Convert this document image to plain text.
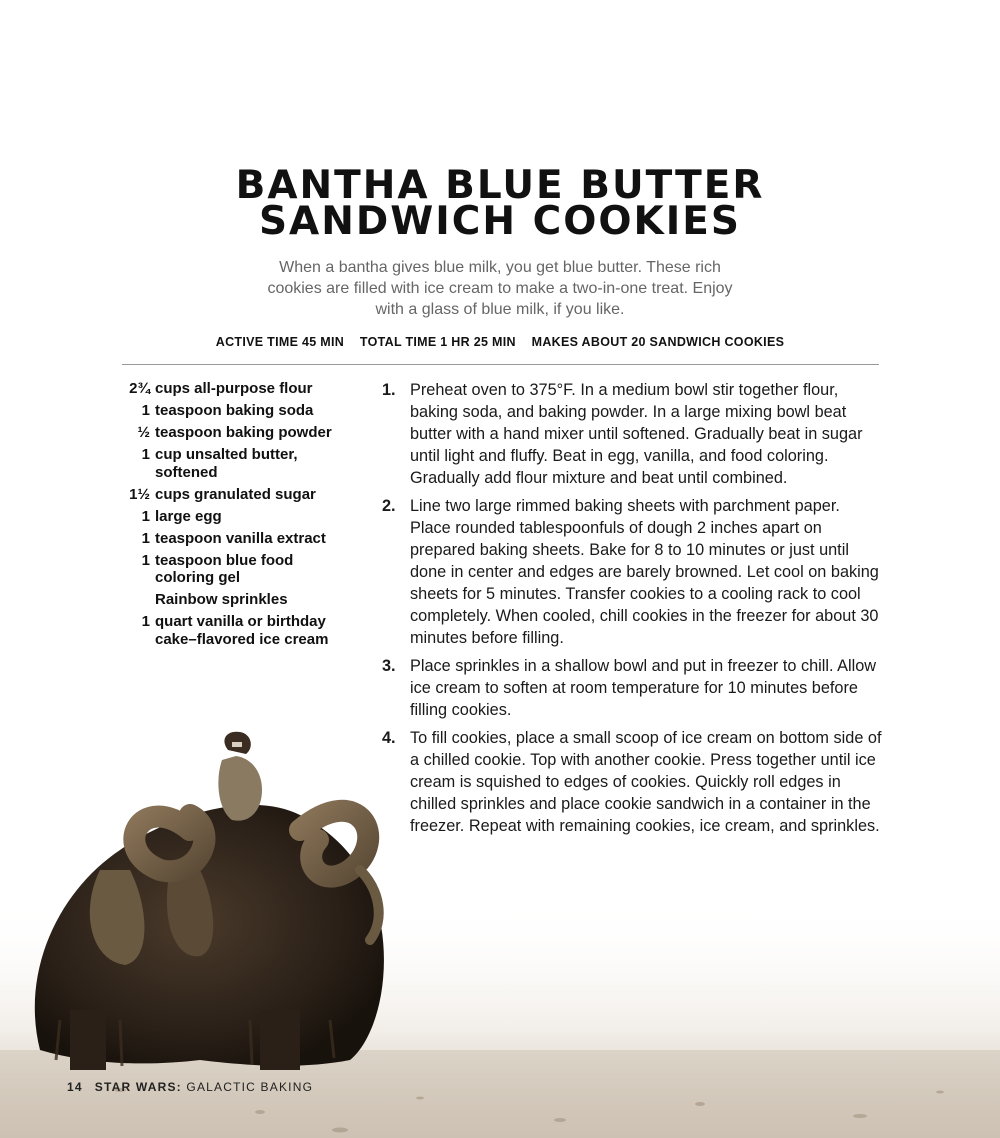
BANTHA BLUE BUTTER
SANDWICH COOKIES

When a bantha gives blue milk, you get blue butter. These rich cookies are filled with ice cream to make a two-in-one treat. Enjoy with a glass of blue milk, if you like.

ACTIVE TIME 45 MIN TOTAL TIME 1 HR 25 MIN MAKES ABOUT 20 SANDWICH COOKIES
2¾ cups all-purpose flour
1 teaspoon baking soda
½ teaspoon baking powder
1 cup unsalted butter, softened
1½ cups granulated sugar
1 large egg
1 teaspoon vanilla extract
1 teaspoon blue food coloring gel
Rainbow sprinkles
1 quart vanilla or birthday cake–flavored ice cream
1. Preheat oven to 375°F. In a medium bowl stir together flour, baking soda, and baking powder. In a large mixing bowl beat butter with a hand mixer until softened. Gradually beat in sugar until light and fluffy. Beat in egg, vanilla, and food coloring. Gradually add flour mixture and beat until combined.
2. Line two large rimmed baking sheets with parchment paper. Place rounded tablespoonfuls of dough 2 inches apart on prepared baking sheets. Bake for 8 to 10 minutes or just until done in center and edges are barely browned. Let cool on baking sheets for 5 minutes. Transfer cookies to a cooling rack to cool completely. When cooled, chill cookies in the freezer for about 30 minutes before filling.
3. Place sprinkles in a shallow bowl and put in freezer to chill. Allow ice cream to soften at room temperature for 10 minutes before filling cookies.
4. To fill cookies, place a small scoop of ice cream on bottom side of a chilled cookie. Top with another cookie. Press together until ice cream is squished to edges of cookies. Quickly roll edges in chilled sprinkles and place cookie sandwich in a container in the freezer. Repeat with remaining cookies, ice cream, and sprinkles.
14 STAR WARS: GALACTIC BAKING
